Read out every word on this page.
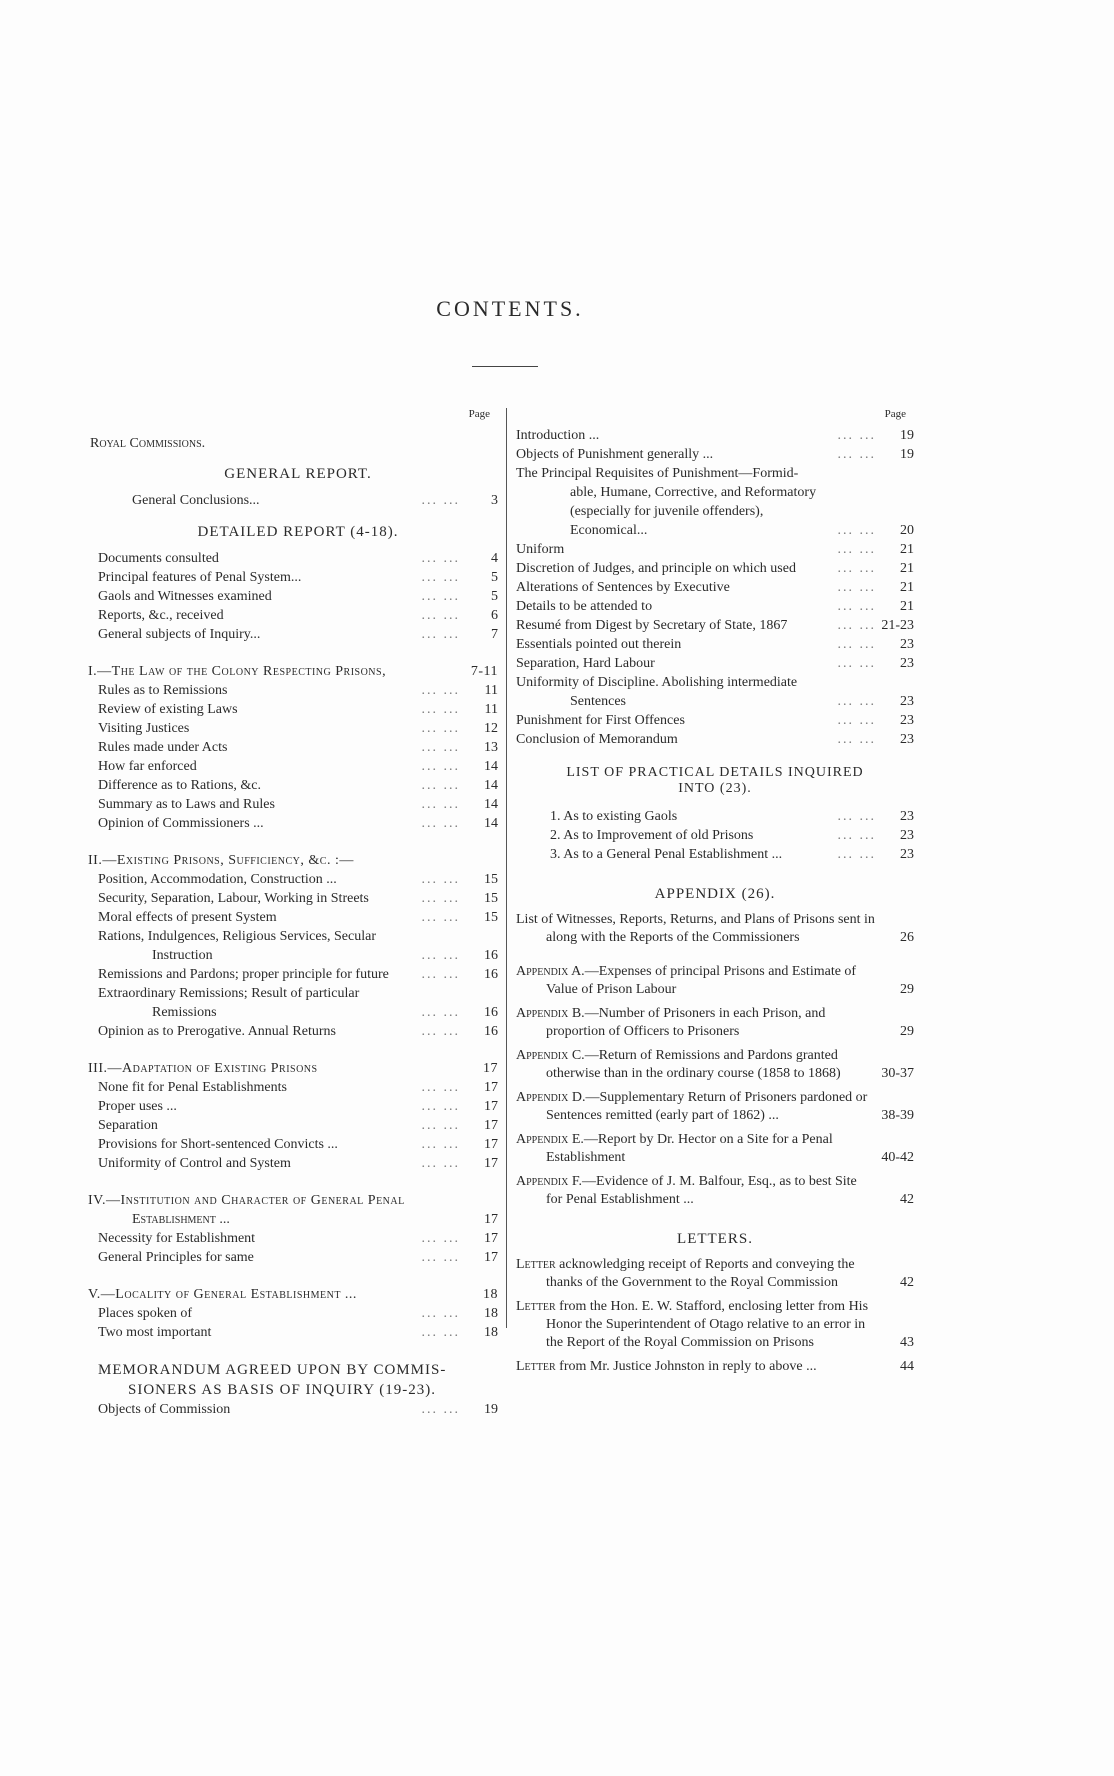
CONTENTS.
Page
Royal Commissions.
GENERAL REPORT.
General Conclusions...	... ...	3
DETAILED REPORT (4-18).
Documents consulted	... ...	4
Principal features of Penal System...	... ...	5
Gaols and Witnesses examined	... ...	5
Reports, &c., received	... ...	6
General subjects of Inquiry...	... ...	7
I.—The Law of the Colony Respecting Prisons,	7-11
Rules as to Remissions	... ...	11
Review of existing Laws	... ...	11
Visiting Justices	... ...	12
Rules made under Acts	... ...	13
How far enforced	... ...	14
Difference as to Rations, &c.	... ...	14
Summary as to Laws and Rules	... ...	14
Opinion of Commissioners ...	... ...	14
II.—Existing Prisons, Sufficiency, &c. :—
Position, Accommodation, Construction ...	... ...	15
Security, Separation, Labour, Working in Streets	... ...	15
Moral effects of present System	... ...	15
Rations, Indulgences, Religious Services, Secular
Instruction	... ...	16
Remissions and Pardons; proper principle for future	... ...	16
Extraordinary Remissions; Result of particular
Remissions	... ...	16
Opinion as to Prerogative. Annual Returns	... ...	16
III.—Adaptation of Existing Prisons	17
None fit for Penal Establishments	... ...	17
Proper uses ...	... ...	17
Separation	... ...	17
Provisions for Short-sentenced Convicts ...	... ...	17
Uniformity of Control and System	... ...	17
IV.—Institution and Character of General Penal
Establishment ...	17
Necessity for Establishment	... ...	17
General Principles for same	... ...	17
V.—Locality of General Establishment ...	18
Places spoken of	... ...	18
Two most important	... ...	18
MEMORANDUM AGREED UPON BY COMMIS-
SIONERS AS BASIS OF INQUIRY (19-23).
Objects of Commission	... ...	19
Page
Introduction ...	... ...	19
Objects of Punishment generally ...	... ...	19
The Principal Requisites of Punishment—Formid-
able, Humane, Corrective, and Reformatory
(especially for juvenile offenders), Economical...	... ...	20
Uniform	... ...	21
Discretion of Judges, and principle on which used	... ...	21
Alterations of Sentences by Executive	... ...	21
Details to be attended to	... ...	21
Resumé from Digest by Secretary of State, 1867	... ... 21-23
Essentials pointed out therein	... ...	23
Separation, Hard Labour	... ...	23
Uniformity of Discipline. Abolishing intermediate
Sentences	... ...	23
Punishment for First Offences	... ...	23
Conclusion of Memorandum	... ...	23
LIST OF PRACTICAL DETAILS INQUIRED
INTO (23).
1. As to existing Gaols	... ...	23
2. As to Improvement of old Prisons	... ...	23
3. As to a General Penal Establishment ...	... ...	23
APPENDIX (26).
List of Witnesses, Reports, Returns, and Plans of Prisons sent in along with the Reports of the Commissioners	26
Appendix A.—Expenses of principal Prisons and Estimate of Value of Prison Labour	29
Appendix B.—Number of Prisoners in each Prison, and proportion of Officers to Prisoners	29
Appendix C.—Return of Remissions and Pardons granted otherwise than in the ordinary course (1858 to 1868)	30-37
Appendix D.—Supplementary Return of Prisoners pardoned or Sentences remitted (early part of 1862) ...	38-39
Appendix E.—Report by Dr. Hector on a Site for a Penal Establishment	40-42
Appendix F.—Evidence of J. M. Balfour, Esq., as to best Site for Penal Establishment ...	42
LETTERS.
Letter acknowledging receipt of Reports and conveying the thanks of the Government to the Royal Commission	42
Letter from the Hon. E. W. Stafford, enclosing letter from His Honor the Superintendent of Otago relative to an error in the Report of the Royal Commission on Prisons	43
Letter from Mr. Justice Johnston in reply to above ...	44
